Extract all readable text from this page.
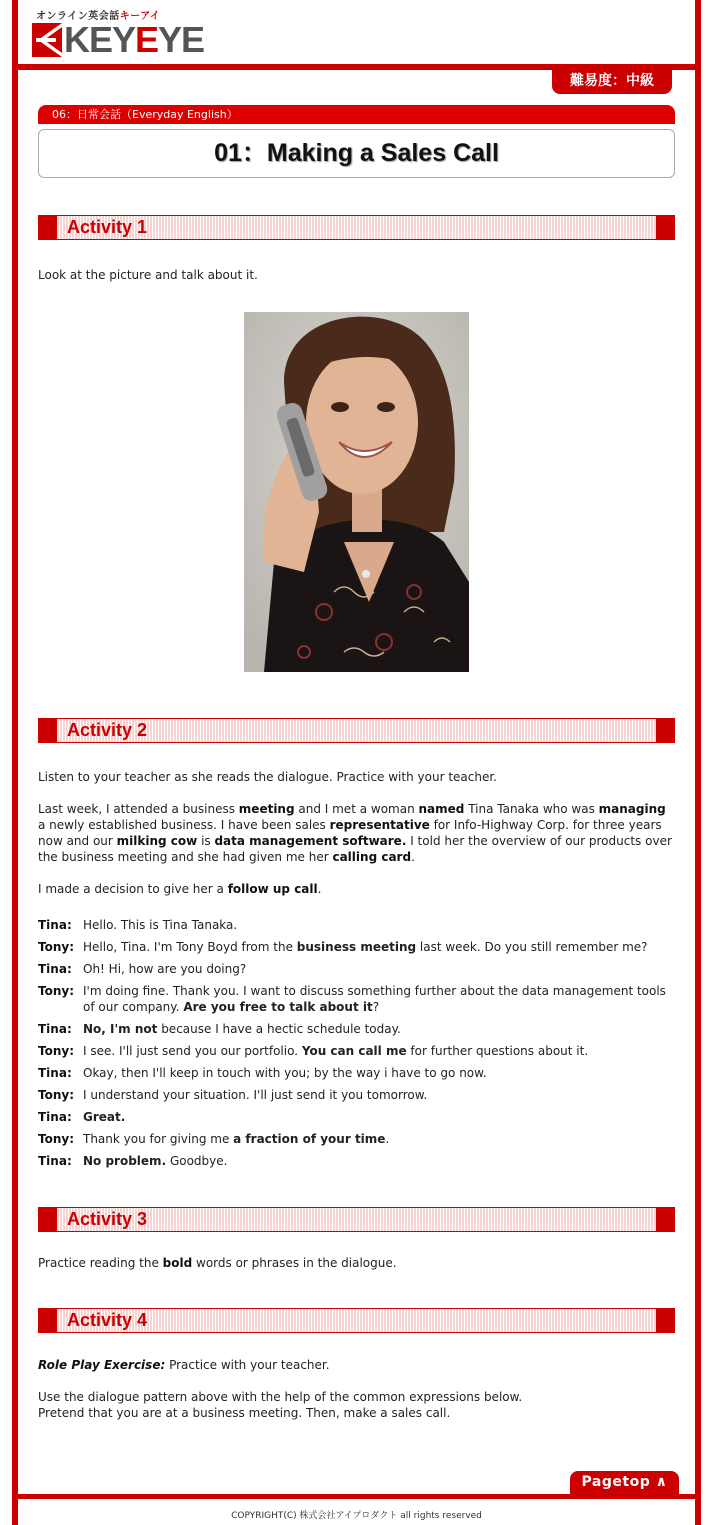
オンライン英会話キーアイ
KEYEYE
難易度：中級
06：日常会話（Everyday English）
01：Making a Sales Call
Activity 1
Look at the picture and talk about it.
Activity 2
Listen to your teacher as she reads the dialogue. Practice with your teacher.
Last week, I attended a business meeting and I met a woman named Tina Tanaka who was managing a newly established business. I have been sales representative for Info-Highway Corp. for three years now and our milking cow is data management software. I told her the overview of our products over the business meeting and she had given me her calling card.
I made a decision to give her a follow up call.
Tina: Hello. This is Tina Tanaka.
Tony: Hello, Tina. I'm Tony Boyd from the business meeting last week. Do you still remember me?
Tina: Oh! Hi, how are you doing?
Tony: I'm doing fine. Thank you. I want to discuss something further about the data management tools of our company. Are you free to talk about it?
Tina: No, I'm not because I have a hectic schedule today.
Tony: I see. I'll just send you our portfolio. You can call me for further questions about it.
Tina: Okay, then I'll keep in touch with you; by the way i have to go now.
Tony: I understand your situation. I'll just send it you tomorrow.
Tina: Great.
Tony: Thank you for giving me a fraction of your time.
Tina: No problem. Goodbye.
Activity 3
Practice reading the bold words or phrases in the dialogue.
Activity 4
Role Play Exercise: Practice with your teacher.
Use the dialogue pattern above with the help of the common expressions below.
Pretend that you are at a business meeting. Then, make a sales call.
Pagetop ∧
COPYRIGHT(C) 株式会社アイプロダクト all rights reserved
